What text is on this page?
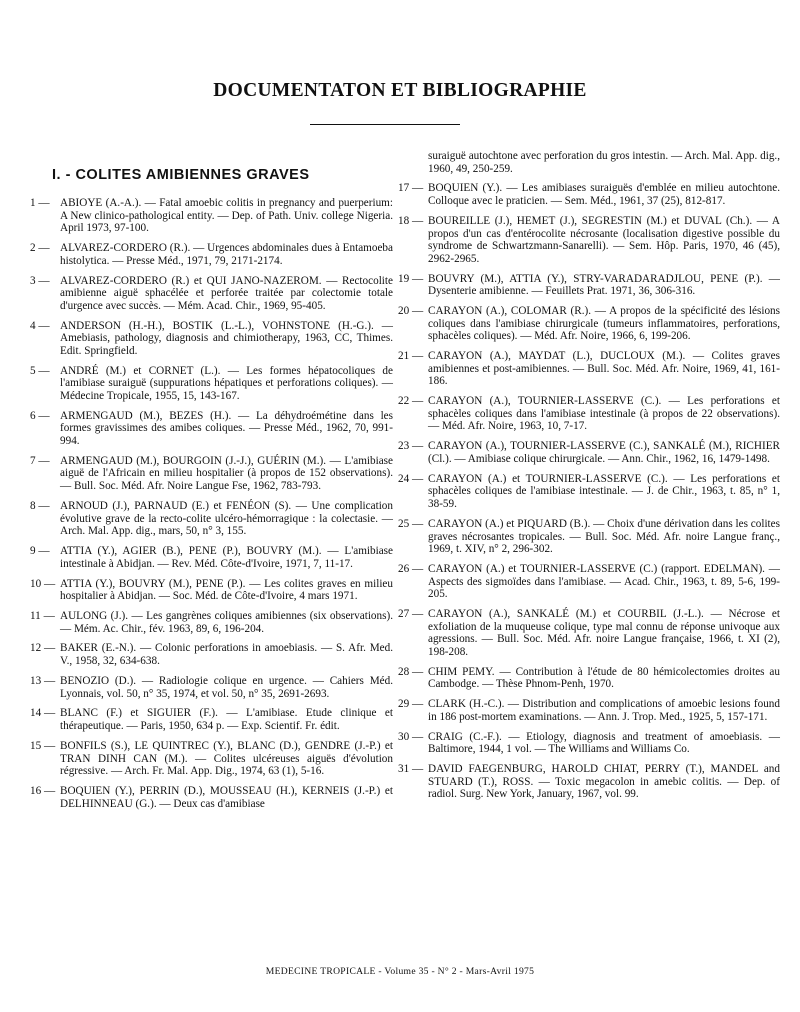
DOCUMENTATON ET BIBLIOGRAPHIE
I. - COLITES AMIBIENNES GRAVES
1 — ABIOYE (A.-A.). — Fatal amoebic colitis in pregnancy and puerperium: A New clinico-pathological entity. — Dep. of Path. Univ. college Nigeria. April 1973, 97-100.
2 — ALVAREZ-CORDERO (R.). — Urgences abdominales dues à Entamoeba histolytica. — Presse Méd., 1971, 79, 2171-2174.
3 — ALVAREZ-CORDERO (R.) et QUI JANO-NAZEROM. — Rectocolite amibienne aiguë sphacélée et perforée traitée par colectomie totale d'urgence avec succès. — Mém. Acad. Chir., 1969, 95-405.
4 — ANDERSON (H.-H.), BOSTIK (L.-L.), VOHNSTONE (H.-G.). — Amebiasis, pathology, diagnosis and chimiotherapy, 1963, CC, Thimes. Edit. Springfield.
5 — ANDRÉ (M.) et CORNET (L.). — Les formes hépatocoliques de l'amibiase suraiguë (suppurations hépatiques et perforations coliques). — Médecine Tropicale, 1955, 15, 143-167.
6 — ARMENGAUD (M.), BEZES (H.). — La déhydroémétine dans les formes gravissimes des amibes coliques. — Presse Méd., 1962, 70, 991-994.
7 — ARMENGAUD (M.), BOURGOIN (J.-J.), GUÉRIN (M.). — L'amibiase aiguë de l'Africain en milieu hospitalier (à propos de 152 observations). — Bull. Soc. Méd. Afr. Noire Langue Fse, 1962, 783-793.
8 — ARNOUD (J.), PARNAUD (E.) et FENÉON (S). — Une complication évolutive grave de la recto-colite ulcéro-hémorragique : la colectasie. — Arch. Mal. App. dig., mars, 50, n° 3, 155.
9 — ATTIA (Y.), AGIER (B.), PENE (P.), BOUVRY (M.). — L'amibiase intestinale à Abidjan. — Rev. Méd. Côte-d'Ivoire, 1971, 7, 11-17.
10 — ATTIA (Y.), BOUVRY (M.), PENE (P.). — Les colites graves en milieu hospitalier à Abidjan. — Soc. Méd. de Côte-d'Ivoire, 4 mars 1971.
11 — AULONG (J.). — Les gangrènes coliques amibiennes (six observations). — Mém. Ac. Chir., fév. 1963, 89, 6, 196-204.
12 — BAKER (E.-N.). — Colonic perforations in amoebiasis. — S. Afr. Med. V., 1958, 32, 634-638.
13 — BENOZIO (D.). — Radiologie colique en urgence. — Cahiers Méd. Lyonnais, vol. 50, n° 35, 1974, et vol. 50, n° 35, 2691-2693.
14 — BLANC (F.) et SIGUIER (F.). — L'amibiase. Etude clinique et thérapeutique. — Paris, 1950, 634 p. — Exp. Scientif. Fr. édit.
15 — BONFILS (S.), LE QUINTREC (Y.), BLANC (D.), GENDRE (J.-P.) et TRAN DINH CAN (M.). — Colites ulcéreuses aiguës d'évolution régressive. — Arch. Fr. Mal. App. Dig., 1974, 63 (1), 5-16.
16 — BOQUIEN (Y.), PERRIN (D.), MOUSSEAU (H.), KERNEIS (J.-P.) et DELHINNEAU (G.). — Deux cas d'amibiase
suraiguë autochtone avec perforation du gros intestin. — Arch. Mal. App. dig., 1960, 49, 250-259.
17 — BOQUIEN (Y.). — Les amibiases suraiguës d'emblée en milieu autochtone. Colloque avec le praticien. — Sem. Méd., 1961, 37 (25), 812-817.
18 — BOUREILLE (J.), HEMET (J.), SEGRESTIN (M.) et DUVAL (Ch.). — A propos d'un cas d'entérocolite nécrosante (localisation digestive possible du syndrome de Schwartzmann-Sanarelli). — Sem. Hôp. Paris, 1970, 46 (45), 2962-2965.
19 — BOUVRY (M.), ATTIA (Y.), STRY-VARADARADJLOU, PENE (P.). — Dysenterie amibienne. — Feuillets Prat. 1971, 36, 306-316.
20 — CARAYON (A.), COLOMAR (R.). — A propos de la spécificité des lésions coliques dans l'amibiase chirurgicale (tumeurs inflammatoires, perforations, sphacèles coliques). — Méd. Afr. Noire, 1966, 6, 199-206.
21 — CARAYON (A.), MAYDAT (L.), DUCLOUX (M.). — Colites graves amibiennes et post-amibiennes. — Bull. Soc. Méd. Afr. Noire, 1969, 41, 161-186.
22 — CARAYON (A.), TOURNIER-LASSERVE (C.). — Les perforations et sphacèles coliques dans l'amibiase intestinale (à propos de 22 observations). — Méd. Afr. Noire, 1963, 10, 7-17.
23 — CARAYON (A.), TOURNIER-LASSERVE (C.), SANKALÉ (M.), RICHIER (Cl.). — Amibiase colique chirurgicale. — Ann. Chir., 1962, 16, 1479-1498.
24 — CARAYON (A.) et TOURNIER-LASSERVE (C.). — Les perforations et sphacèles coliques de l'amibiase intestinale. — J. de Chir., 1963, t. 85, n° 1, 38-59.
25 — CARAYON (A.) et PIQUARD (B.). — Choix d'une dérivation dans les colites graves nécrosantes tropicales. — Bull. Soc. Méd. Afr. noire Langue franç., 1969, t. XIV, n° 2, 296-302.
26 — CARAYON (A.) et TOURNIER-LASSERVE (C.) (rapport. EDELMAN). — Aspects des sigmoïdes dans l'amibiase. — Acad. Chir., 1963, t. 89, 5-6, 199-205.
27 — CARAYON (A.), SANKALÉ (M.) et COURBIL (J.-L.). — Nécrose et exfoliation de la muqueuse colique, type mal connu de réponse univoque aux agressions. — Bull. Soc. Méd. Afr. noire Langue française, 1966, t. XI (2), 198-208.
28 — CHIM PEMY. — Contribution à l'étude de 80 hémicolectomies droites au Cambodge. — Thèse Phnom-Penh, 1970.
29 — CLARK (H.-C.). — Distribution and complications of amoebic lesions found in 186 post-mortem examinations. — Ann. J. Trop. Med., 1925, 5, 157-171.
30 — CRAIG (C.-F.). — Etiology, diagnosis and treatment of amoebiasis. — Baltimore, 1944, 1 vol. — The Williams and Williams Co.
31 — DAVID FAEGENBURG, HAROLD CHIAT, PERRY (T.), MANDEL and STUARD (T.), ROSS. — Toxic megacolon in amebic colitis. — Dep. of radiol. Surg. New York, January, 1967, vol. 99.
MEDECINE TROPICALE - Volume 35 - N° 2 - Mars-Avril 1975
